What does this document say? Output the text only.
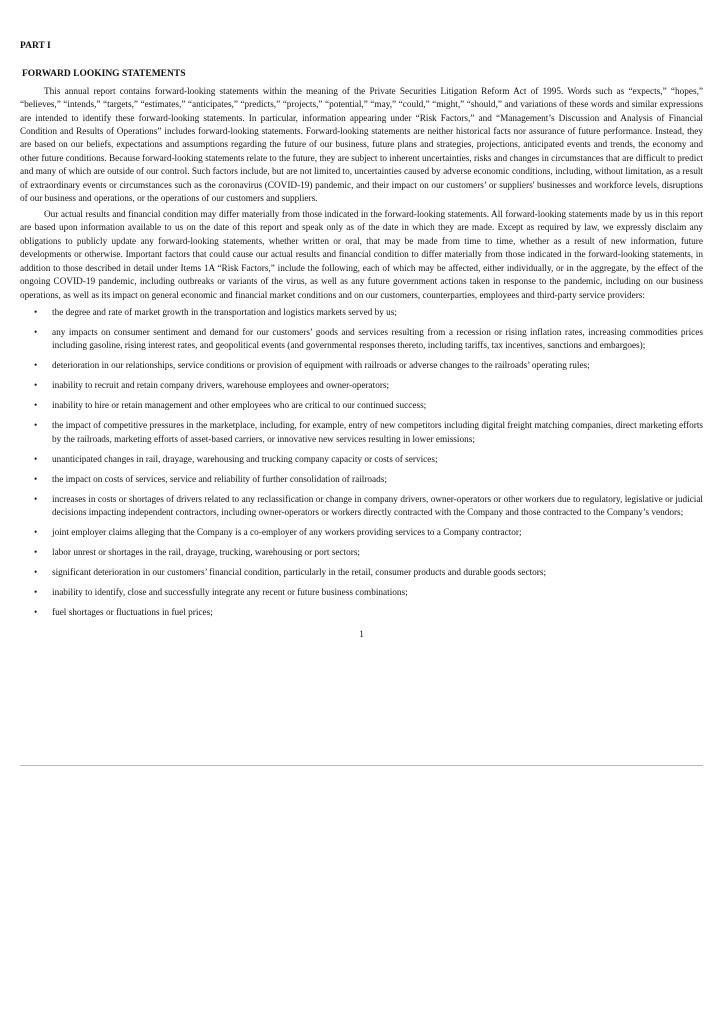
PART I
FORWARD LOOKING STATEMENTS

This annual report contains forward-looking statements within the meaning of the Private Securities Litigation Reform Act of 1995. Words such as “expects,” “hopes,” “believes,” “intends,” “targets,” “estimates,” “anticipates,” “predicts,” “projects,” “potential,” “may,” “could,” “might,” “should,” and variations of these words and similar expressions are intended to identify these forward-looking statements. In particular, information appearing under “Risk Factors,” and “Management’s Discussion and Analysis of Financial Condition and Results of Operations” includes forward-looking statements. Forward-looking statements are neither historical facts nor assurance of future performance. Instead, they are based on our beliefs, expectations and assumptions regarding the future of our business, future plans and strategies, projections, anticipated events and trends, the economy and other future conditions. Because forward-looking statements relate to the future, they are subject to inherent uncertainties, risks and changes in circumstances that are difficult to predict and many of which are outside of our control. Such factors include, but are not limited to, uncertainties caused by adverse economic conditions, including, without limitation, as a result of extraordinary events or circumstances such as the coronavirus (COVID-19) pandemic, and their impact on our customers’ or suppliers' businesses and workforce levels, disruptions of our business and operations, or the operations of our customers and suppliers.

Our actual results and financial condition may differ materially from those indicated in the forward-looking statements. All forward-looking statements made by us in this report are based upon information available to us on the date of this report and speak only as of the date in which they are made. Except as required by law, we expressly disclaim any obligations to publicly update any forward-looking statements, whether written or oral, that may be made from time to time, whether as a result of new information, future developments or otherwise. Important factors that could cause our actual results and financial condition to differ materially from those indicated in the forward-looking statements, in addition to those described in detail under Items 1A “Risk Factors,” include the following, each of which may be affected, either individually, or in the aggregate, by the effect of the ongoing COVID-19 pandemic, including outbreaks or variants of the virus, as well as any future government actions taken in response to the pandemic, including on our business operations, as well as its impact on general economic and financial market conditions and on our customers, counterparties, employees and third-party service providers:

• the degree and rate of market growth in the transportation and logistics markets served by us;
• any impacts on consumer sentiment and demand for our customers’ goods and services resulting from a recession or rising inflation rates, increasing commodities prices including gasoline, rising interest rates, and geopolitical events (and governmental responses thereto, including tariffs, tax incentives, sanctions and embargoes);
• deterioration in our relationships, service conditions or provision of equipment with railroads or adverse changes to the railroads’ operating rules;
• inability to recruit and retain company drivers, warehouse employees and owner-operators;
• inability to hire or retain management and other employees who are critical to our continued success;
• the impact of competitive pressures in the marketplace, including, for example, entry of new competitors including digital freight matching companies, direct marketing efforts by the railroads, marketing efforts of asset-based carriers, or innovative new services resulting in lower emissions;
• unanticipated changes in rail, drayage, warehousing and trucking company capacity or costs of services;
• the impact on costs of services, service and reliability of further consolidation of railroads;
• increases in costs or shortages of drivers related to any reclassification or change in company drivers, owner-operators or other workers due to regulatory, legislative or judicial decisions impacting independent contractors, including owner-operators or workers directly contracted with the Company and those contracted to the Company’s vendors;
• joint employer claims alleging that the Company is a co-employer of any workers providing services to a Company contractor;
• labor unrest or shortages in the rail, drayage, trucking, warehousing or port sectors;
• significant deterioration in our customers’ financial condition, particularly in the retail, consumer products and durable goods sectors;
• inability to identify, close and successfully integrate any recent or future business combinations;
• fuel shortages or fluctuations in fuel prices;
1
